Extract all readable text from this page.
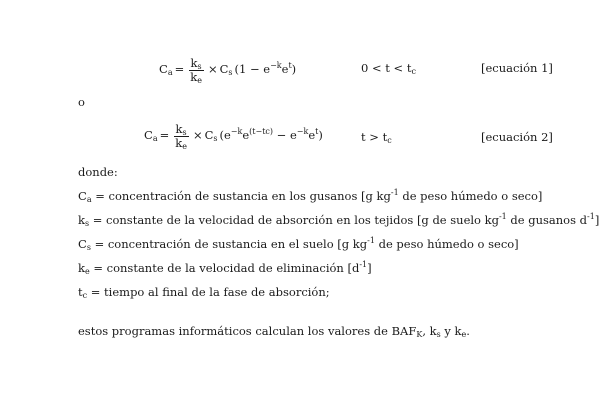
$C_a = \frac{k_s}{k_e} \times C_s$ $(1 - e^{-k}e^t)$	$0 < t < t_c$	[ecuación 1]
o
$C_a = \frac{k_s}{k_e} \times C_s$ $(e^{-k}e^{(t-tc)} - e^{-k}e^t)$	$t > t_c$	[ecuación 2]
donde:
$C_a$ = concentración de sustancia en los gusanos [g $kg^{-1}$ de peso húmedo o seco]
$k_s$ = constante de la velocidad de absorción en los tejidos [g de suelo $kg^{-1}$ de gusanos $d^{-1}$]
$C_s$ = concentración de sustancia en el suelo [g $kg^{-1}$ de peso húmedo o seco]
$k_e$ = constante de la velocidad de eliminación $[d^{-1}]$
$t_c$ = tiempo al final de la fase de absorción;
estos programas informáticos calculan los valores de $BAF_K$, $k_s$ y $k_e$.
